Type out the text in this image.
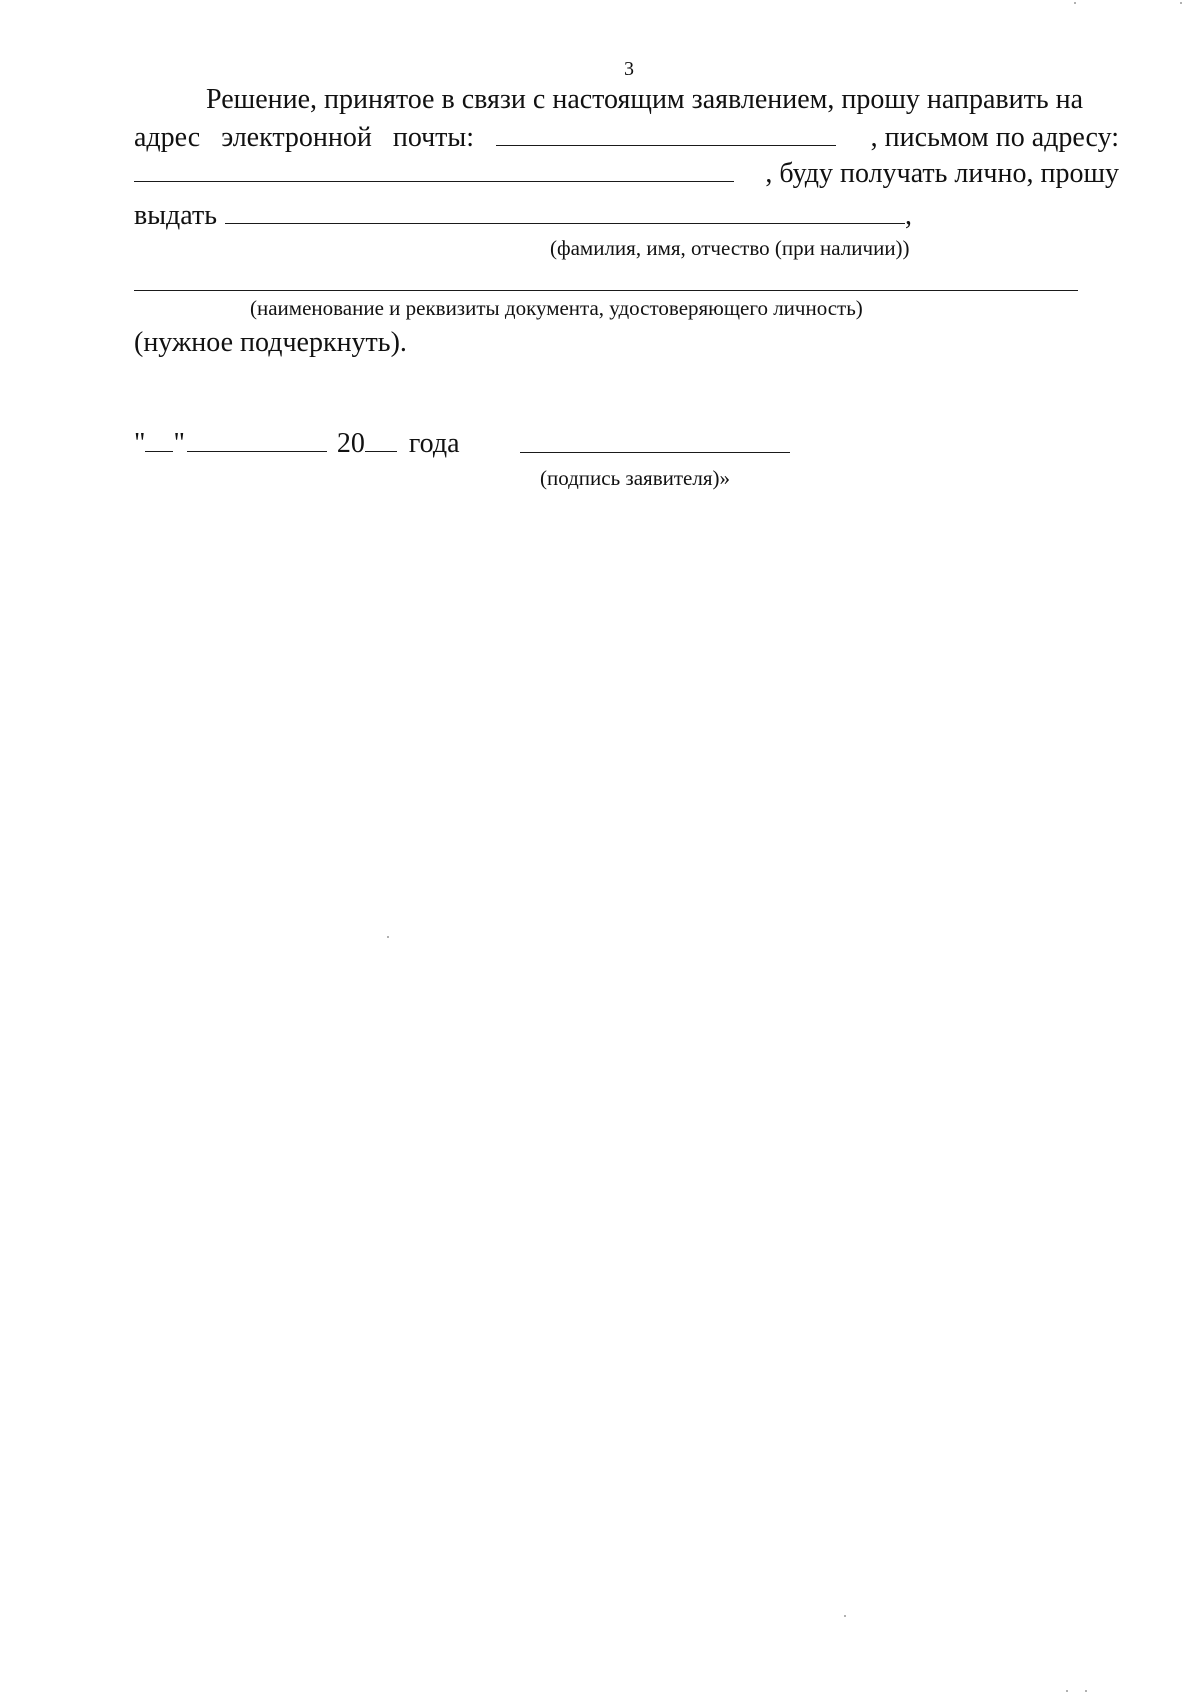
3
Решение, принятое в связи с настоящим заявлением, прошу направить на
адрес электронной почты:	, письмом по адресу:
, буду получать лично, прошу
выдать	,
(фамилия, имя, отчество (при наличии))
(наименование и реквизиты документа, удостоверяющего личность)
(нужное подчеркнуть).
" "	20 года
(подпись заявителя)»
